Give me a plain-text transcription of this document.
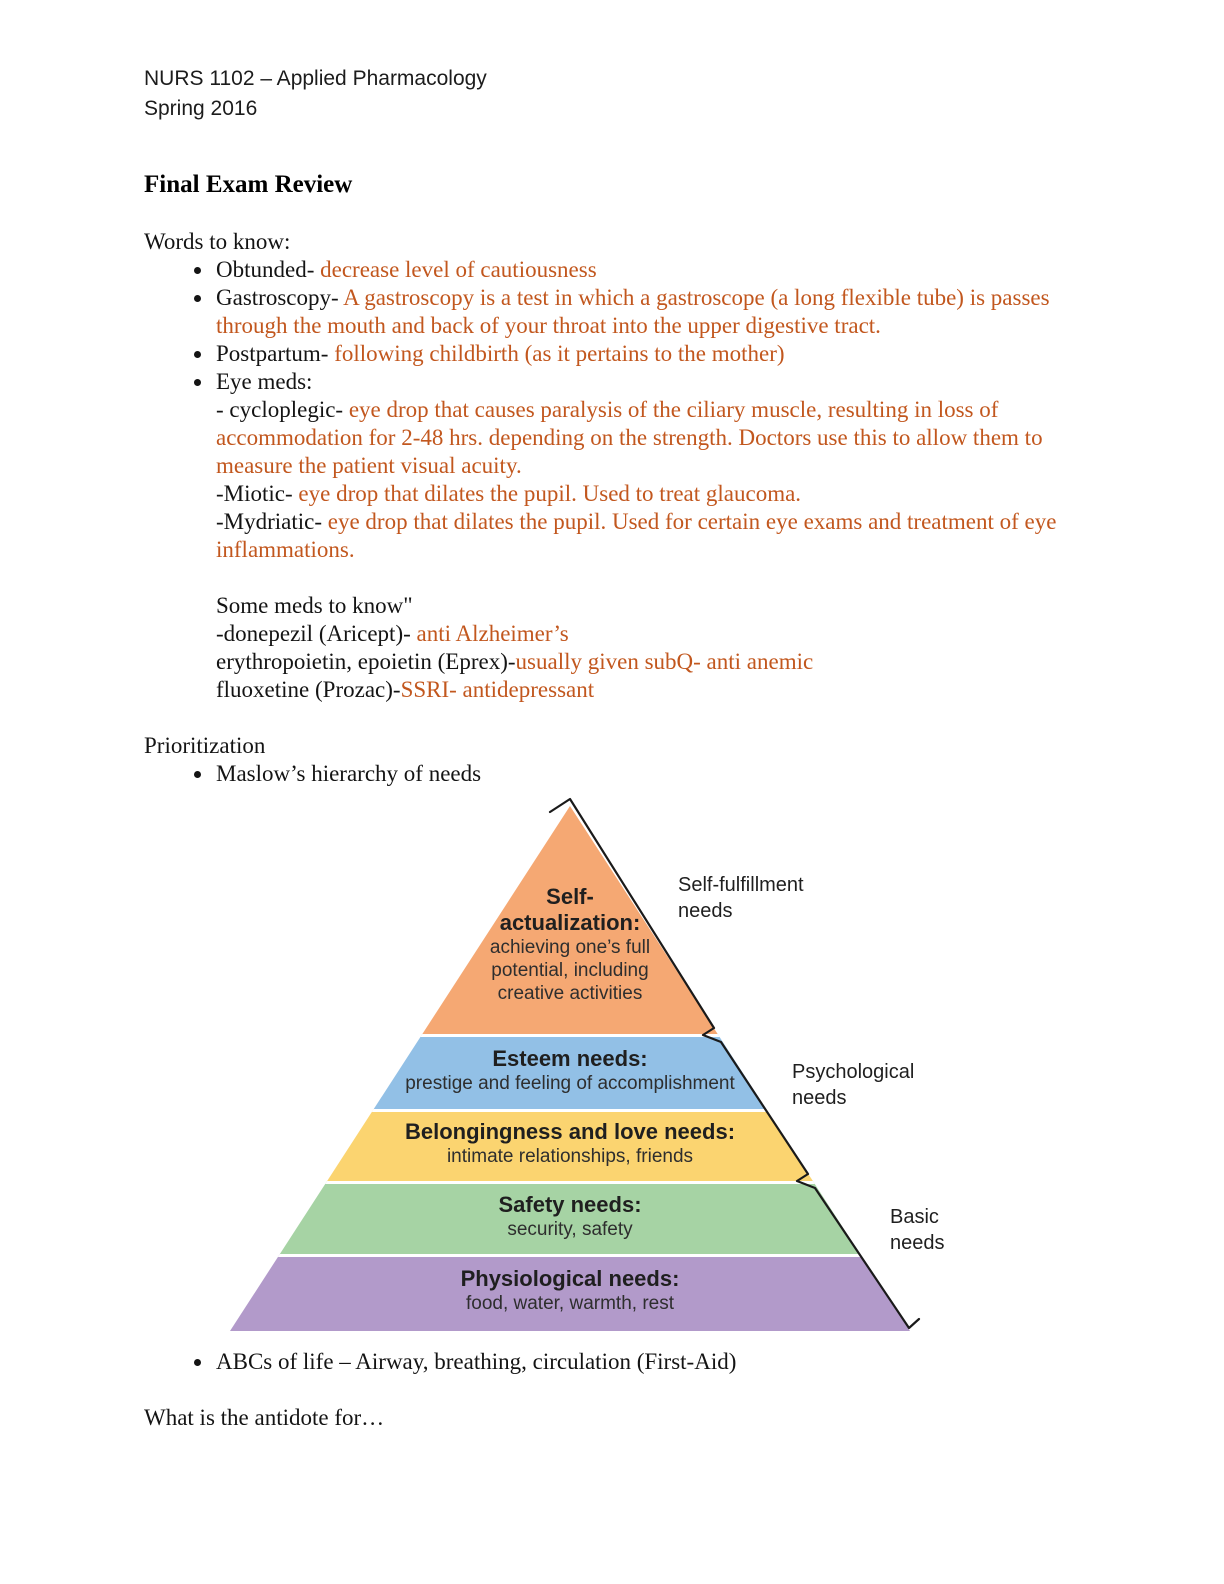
NURS 1102 – Applied Pharmacology
Spring 2016
Final Exam Review
Words to know:
• Obtunded- decrease level of cautiousness
• Gastroscopy- A gastroscopy is a test in which a gastroscope (a long flexible tube) is passes through the mouth and back of your throat into the upper digestive tract.
• Postpartum- following childbirth (as it pertains to the mother)
• Eye meds:
- cycloplegic- eye drop that causes paralysis of the ciliary muscle, resulting in loss of accommodation for 2-48 hrs. depending on the strength. Doctors use this to allow them to measure the patient visual acuity.
-Miotic- eye drop that dilates the pupil. Used to treat glaucoma.
-Mydriatic- eye drop that dilates the pupil. Used for certain eye exams and treatment of eye inflammations.
Some meds to know"
-donepezil (Aricept)- anti Alzheimer’s
erythropoietin, epoietin (Eprex)-usually given subQ- anti anemic
fluoxetine (Prozac)-SSRI- antidepressant
Prioritization
• Maslow’s hierarchy of needs
Self-actualization:
achieving one’s full potential, including creative activities
Esteem needs:
prestige and feeling of accomplishment
Belongingness and love needs:
intimate relationships, friends
Safety needs:
security, safety
Physiological needs:
food, water, warmth, rest
Self-fulfillment needs
Psychological needs
Basic needs
• ABCs of life – Airway, breathing, circulation (First-Aid)
What is the antidote for…
